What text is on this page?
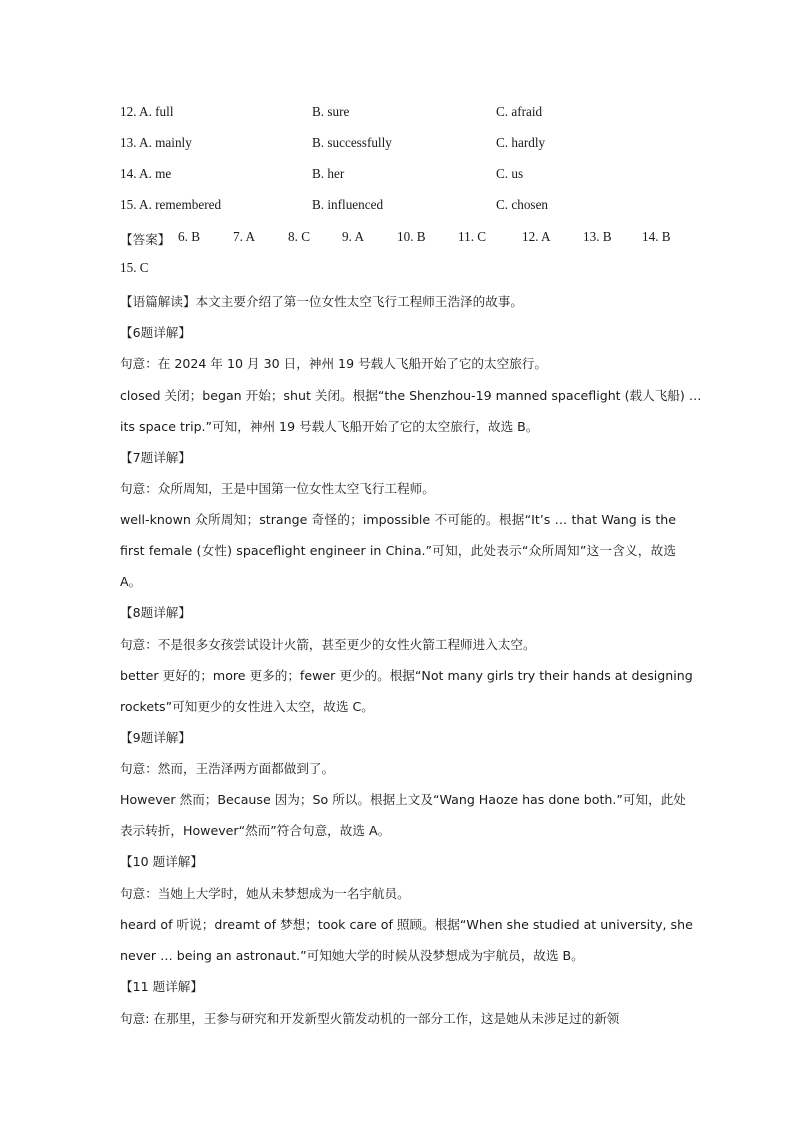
12. A. full	B. sure	C. afraid
13. A. mainly	B. successfully	C. hardly
14. A. me	B. her	C. us
15. A. remembered	B. influenced	C. chosen
【答案】 6. B	7. A	8. C 9. A	10. B 11. C	12. A 13. B 14. B
15. C
【语篇解读】本文主要介绍了第一位女性太空飞行工程师王浩泽的故事。
【6题详解】
句意：在 2024 年 10 月 30 日，神州 19 号载人飞船开始了它的太空旅行。
closed 关闭；began 开始；shut 关闭。根据“the Shenzhou-19 manned spaceflight (载人飞船) …
its space trip.”可知，神州 19 号载人飞船开始了它的太空旅行，故选 B。
【7题详解】
句意：众所周知，王是中国第一位女性太空飞行工程师。
well-known 众所周知；strange 奇怪的；impossible 不可能的。根据“It’s … that Wang is the
first female (女性) spaceflight engineer in China.”可知，此处表示“众所周知”这一含义，故选
A。
【8题详解】
句意：不是很多女孩尝试设计火箭，甚至更少的女性火箭工程师进入太空。
better 更好的；more 更多的；fewer 更少的。根据“Not many girls try their hands at designing
rockets”可知更少的女性进入太空，故选 C。
【9题详解】
句意：然而，王浩泽两方面都做到了。
However 然而；Because 因为；So 所以。根据上文及“Wang Haoze has done both.”可知，此处
表示转折，However“然而”符合句意，故选 A。
【10 题详解】
句意：当她上大学时，她从未梦想成为一名宇航员。
heard of 听说；dreamt of 梦想；took care of 照顾。根据“When she studied at university, she
never … being an astronaut.”可知她大学的时候从没梦想成为宇航员，故选 B。
【11 题详解】
句意: 在那里，王参与研究和开发新型火箭发动机的一部分工作，这是她从未涉足过的新领
